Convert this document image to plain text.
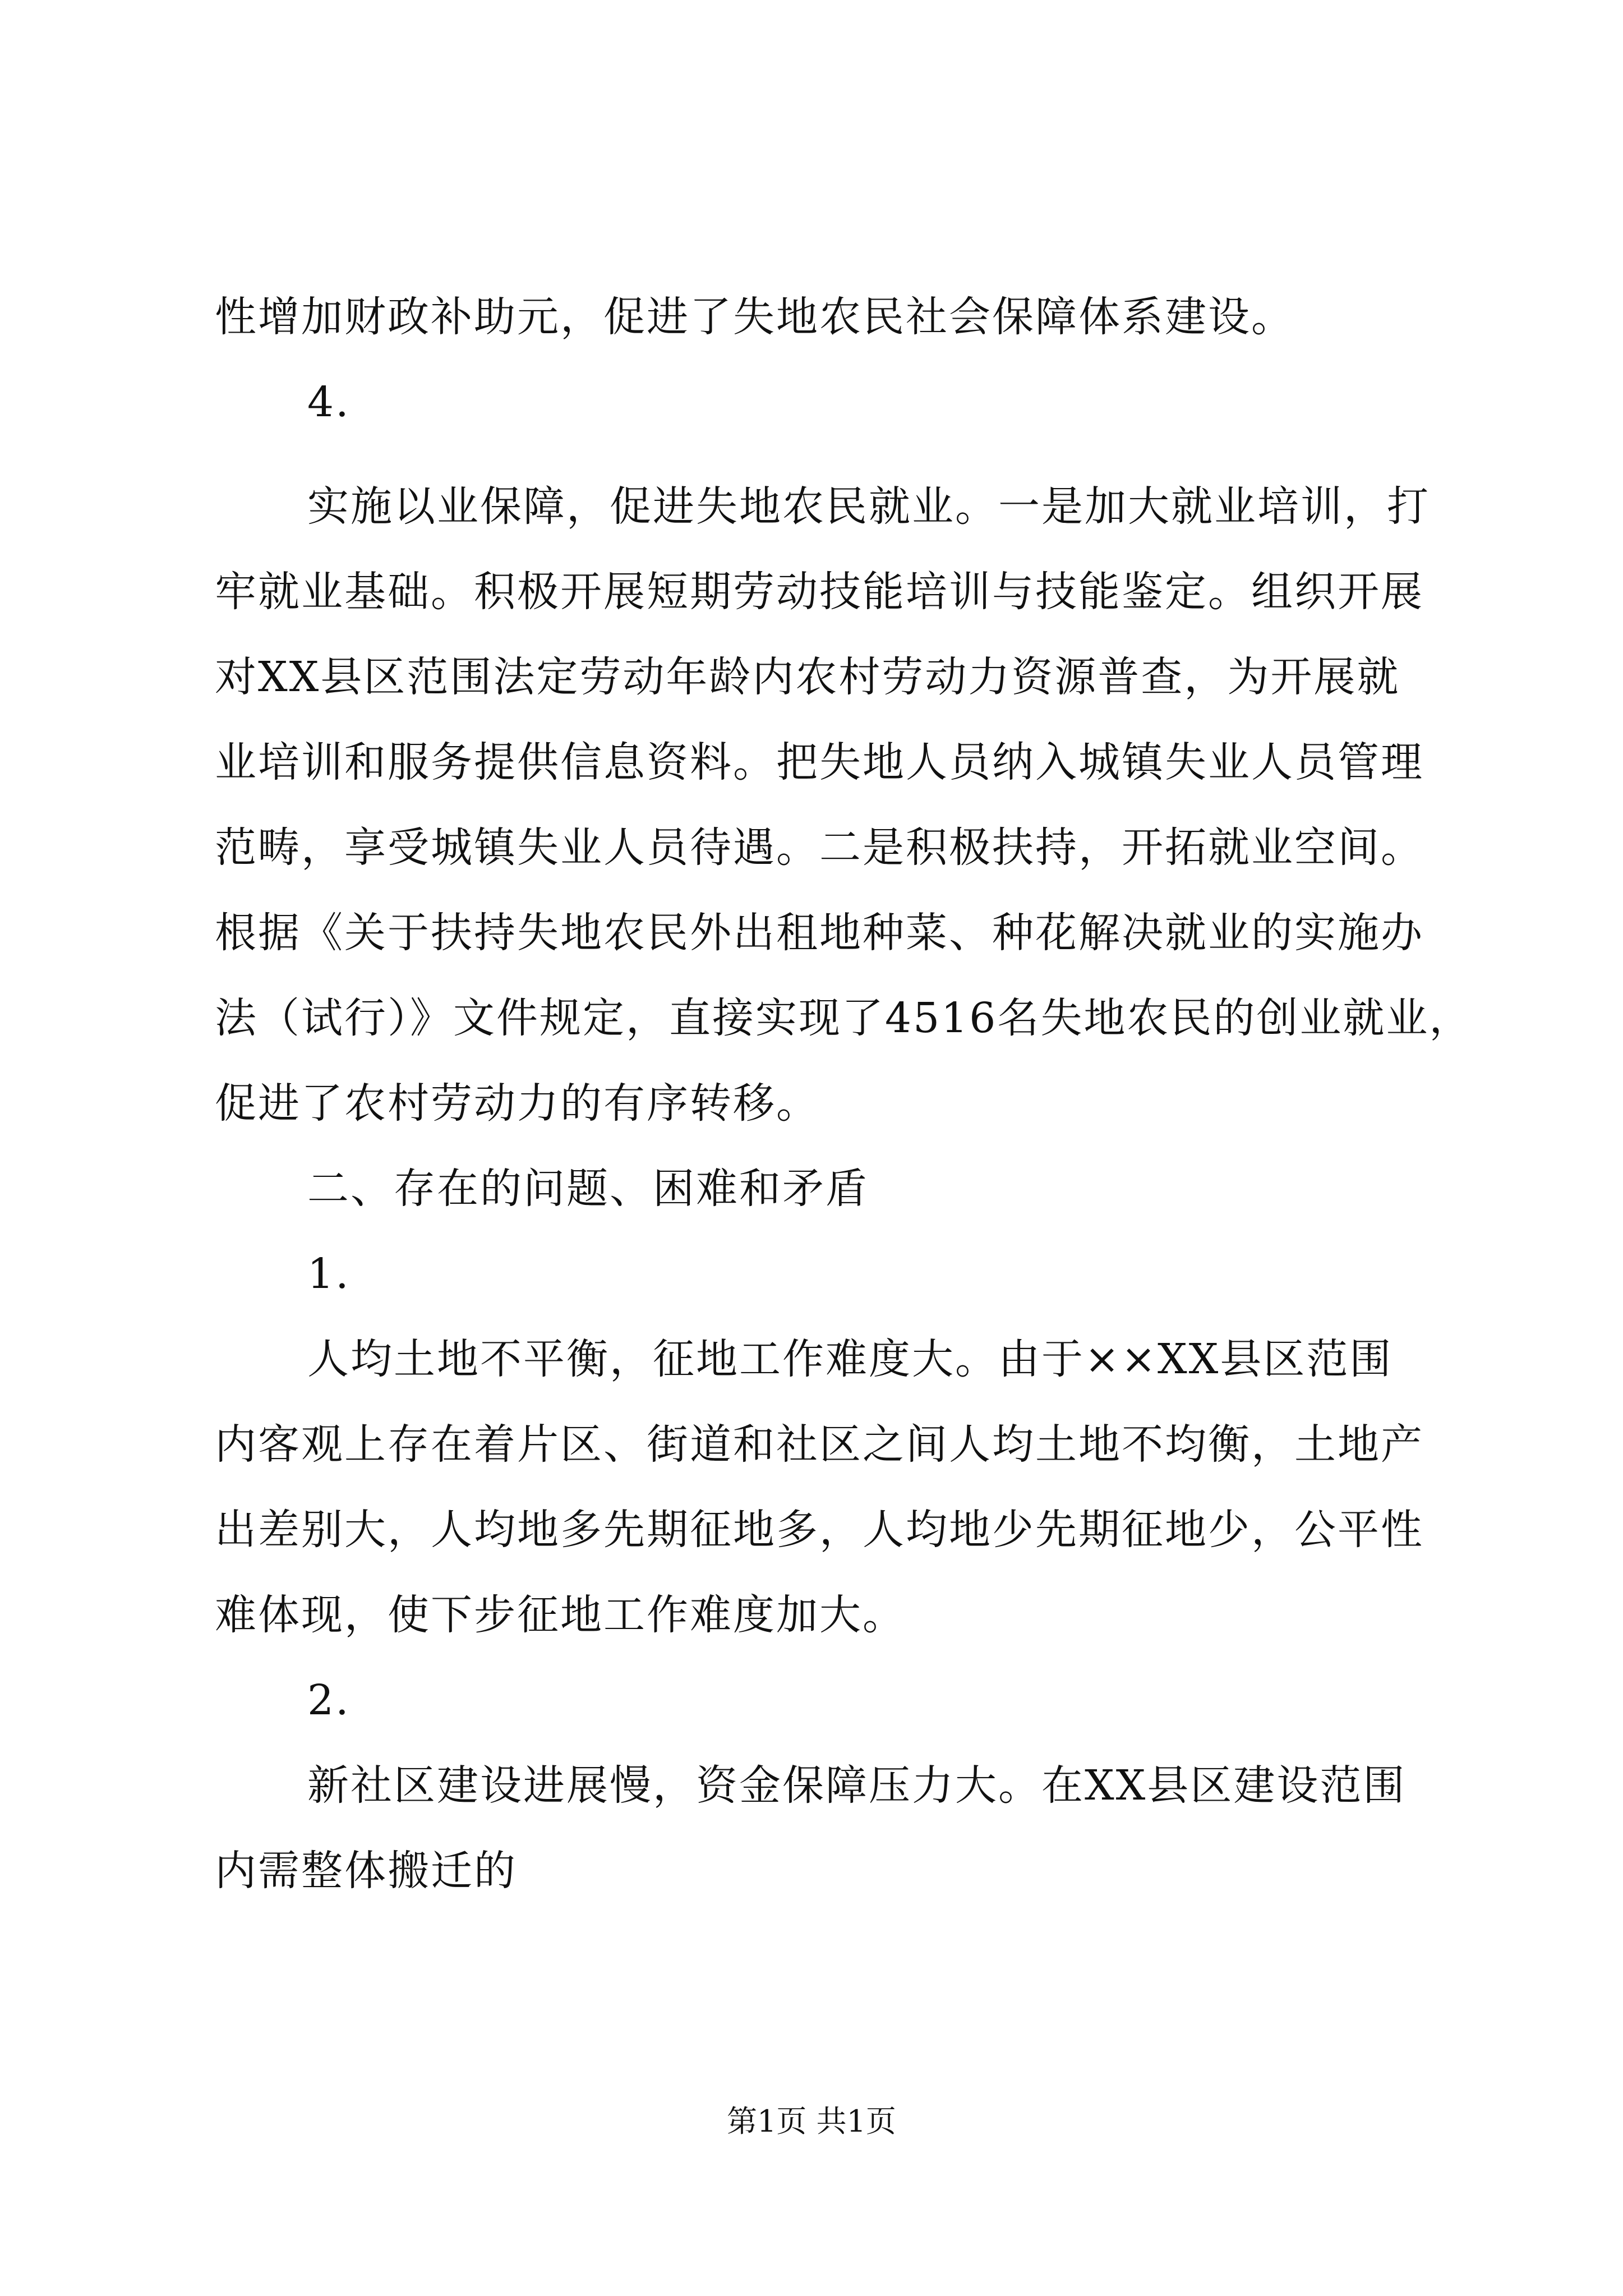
性增加财政补助元，促进了失地农民社会保障体系建设。
4.
实施以业保障，促进失地农民就业。一是加大就业培训，打
牢就业基础。积极开展短期劳动技能培训与技能鉴定。组织开展
对XX县区范围法定劳动年龄内农村劳动力资源普查，为开展就
业培训和服务提供信息资料。把失地人员纳入城镇失业人员管理
范畴，享受城镇失业人员待遇。二是积极扶持，开拓就业空间。
根据《关于扶持失地农民外出租地种菜、种花解决就业的实施办
法（试行）》文件规定，直接实现了4516名失地农民的创业就业，
促进了农村劳动力的有序转移。
二、存在的问题、困难和矛盾
1.
人均土地不平衡，征地工作难度大。由于××XX县区范围
内客观上存在着片区、街道和社区之间人均土地不均衡，土地产
出差别大，人均地多先期征地多，人均地少先期征地少，公平性
难体现，使下步征地工作难度加大。
2.
新社区建设进展慢，资金保障压力大。在XX县区建设范围
内需整体搬迁的
第1页 共1页
